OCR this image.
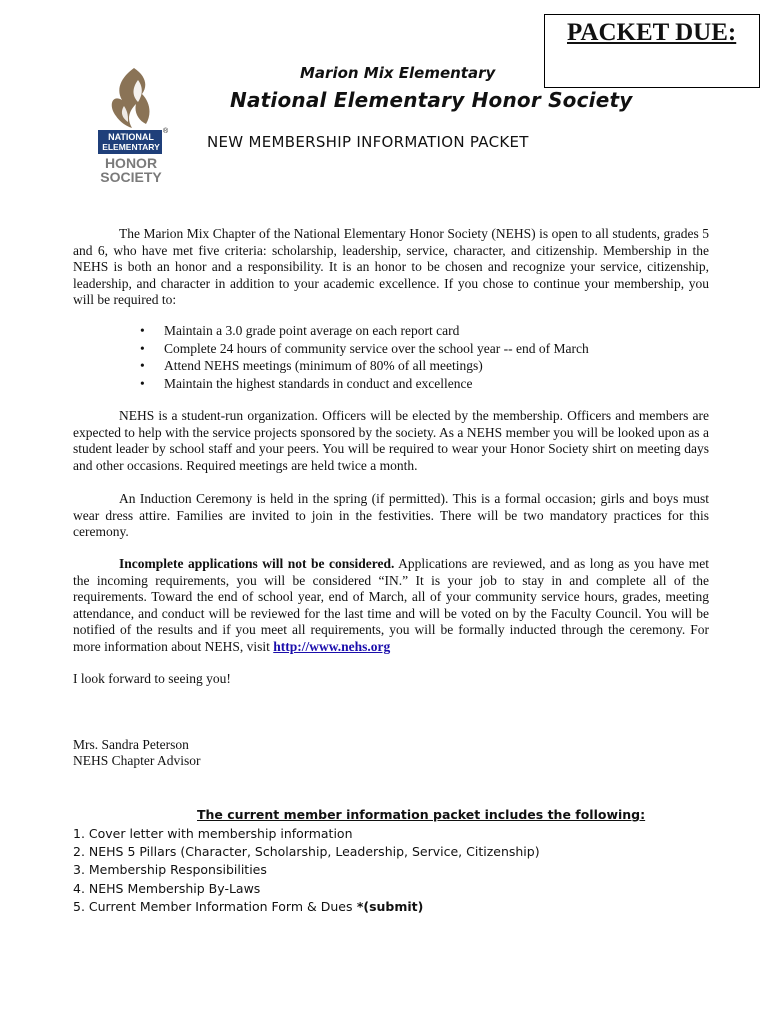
PACKET DUE:
NATIONAL
ELEMENTARY
®
HONOR
SOCIETY
Marion Mix Elementary
National Elementary Honor Society
NEW MEMBERSHIP INFORMATION PACKET
The Marion Mix Chapter of the National Elementary Honor Society (NEHS) is open to all students, grades 5 and 6, who have met five criteria: scholarship, leadership, service, character, and citizenship. Membership in the NEHS is both an honor and a responsibility. It is an honor to be chosen and recognize your service, citizenship, leadership, and character in addition to your academic excellence. If you chose to continue your membership, you will be required to:
• Maintain a 3.0 grade point average on each report card
• Complete 24 hours of community service over the school year -- end of March
• Attend NEHS meetings (minimum of 80% of all meetings)
• Maintain the highest standards in conduct and excellence
NEHS is a student-run organization. Officers will be elected by the membership. Officers and members are expected to help with the service projects sponsored by the society. As a NEHS member you will be looked upon as a student leader by school staff and your peers. You will be required to wear your Honor Society shirt on meeting days and other occasions. Required meetings are held twice a month.
An Induction Ceremony is held in the spring (if permitted). This is a formal occasion; girls and boys must wear dress attire. Families are invited to join in the festivities. There will be two mandatory practices for this ceremony.
Incomplete applications will not be considered. Applications are reviewed, and as long as you have met the incoming requirements, you will be considered “IN.” It is your job to stay in and complete all of the requirements. Toward the end of school year, end of March, all of your community service hours, grades, meeting attendance, and conduct will be reviewed for the last time and will be voted on by the Faculty Council. You will be notified of the results and if you meet all requirements, you will be formally inducted through the ceremony. For more information about NEHS, visit http://www.nehs.org
I look forward to seeing you!
Mrs. Sandra Peterson
NEHS Chapter Advisor
The current member information packet includes the following:
1. Cover letter with membership information
2. NEHS 5 Pillars (Character, Scholarship, Leadership, Service, Citizenship)
3. Membership Responsibilities
4. NEHS Membership By-Laws
5. Current Member Information Form & Dues *(submit)
